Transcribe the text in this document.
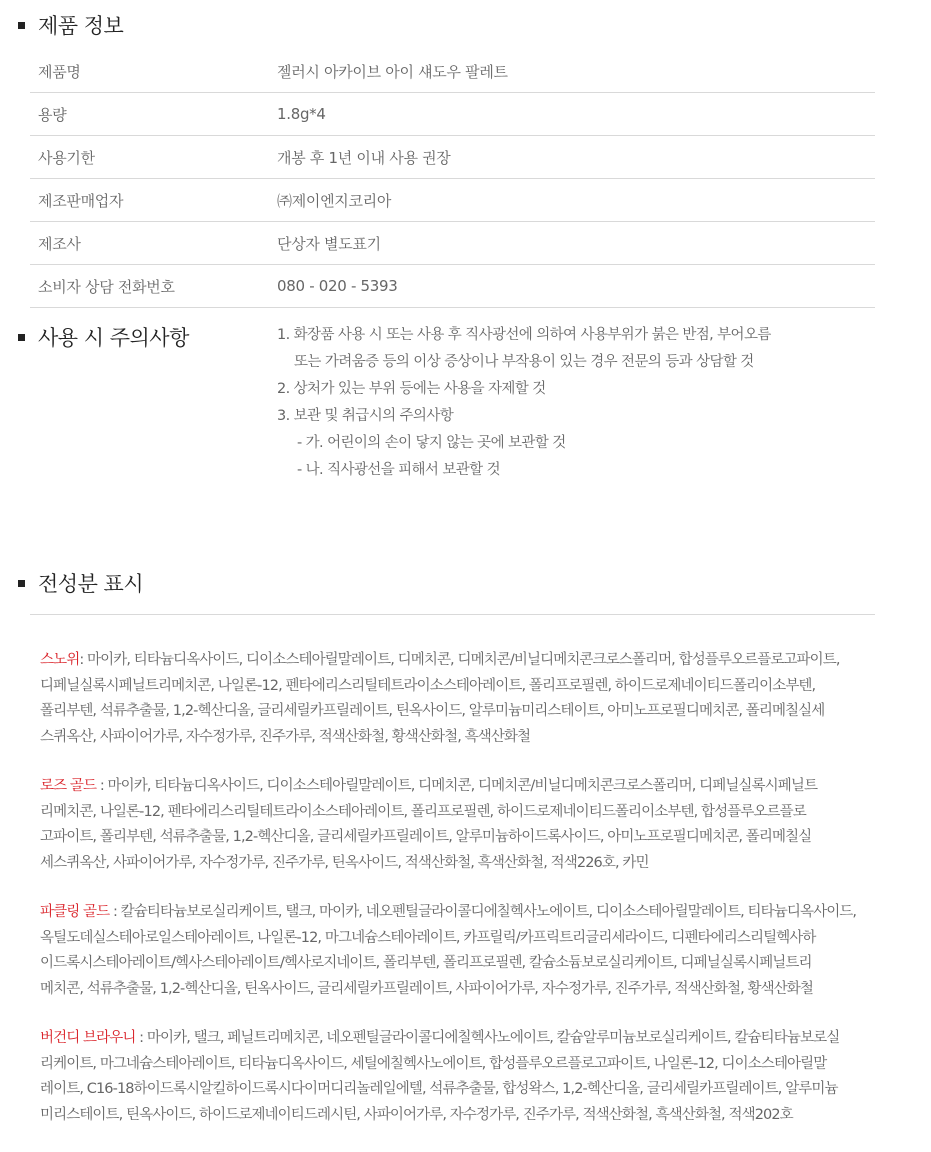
제품 정보
제품명	젤러시 아카이브 아이 섀도우 팔레트
용량	1.8g*4
사용기한	개봉 후 1년 이내 사용 권장
제조판매업자	㈜제이엔지코리아
제조사	단상자 별도표기
소비자 상담 전화번호	080 - 020 - 5393
사용 시 주의사항	1. 화장품 사용 시 또는 사용 후 직사광선에 의하여 사용부위가 붉은 반점, 부어오름
또는 가려움증 등의 이상 증상이나 부작용이 있는 경우 전문의 등과 상담할 것
2. 상처가 있는 부위 등에는 사용을 자제할 것
3. 보관 및 취급시의 주의사항
- 가. 어린이의 손이 닿지 않는 곳에 보관할 것
- 나. 직사광선을 피해서 보관할 것
전성분 표시
스노위: 마이카, 티타늄디옥사이드, 디이소스테아릴말레이트, 디메치콘, 디메치콘/비닐디메치콘크로스폴리머, 합성플루오르플로고파이트,
디페닐실록시페닐트리메치콘, 나일론-12, 펜타에리스리틸테트라이소스테아레이트, 폴리프로필렌, 하이드로제네이티드폴리이소부텐,
폴리부텐, 석류추출물, 1,2-헥산디올, 글리세릴카프릴레이트, 틴옥사이드, 알루미늄미리스테이트, 아미노프로필디메치콘, 폴리메칠실세
스퀴옥산, 사파이어가루, 자수정가루, 진주가루, 적색산화철, 황색산화철, 흑색산화철
로즈 골드 : 마이카, 티타늄디옥사이드, 디이소스테아릴말레이트, 디메치콘, 디메치콘/비닐디메치콘크로스폴리머, 디페닐실록시페닐트
리메치콘, 나일론-12, 펜타에리스리틸테트라이소스테아레이트, 폴리프로필렌, 하이드로제네이티드폴리이소부텐, 합성플루오르플로
고파이트, 폴리부텐, 석류추출물, 1,2-헥산디올, 글리세릴카프릴레이트, 알루미늄하이드록사이드, 아미노프로필디메치콘, 폴리메칠실
세스퀴옥산, 사파이어가루, 자수정가루, 진주가루, 틴옥사이드, 적색산화철, 흑색산화철, 적색226호, 카민
파클링 골드 : 칼슘티타늄보로실리케이트, 탤크, 마이카, 네오펜틸글라이콜디에칠헥사노에이트, 디이소스테아릴말레이트, 티타늄디옥사이드,
옥틸도데실스테아로일스테아레이트, 나일론-12, 마그네슘스테아레이트, 카프릴릭/카프릭트리글리세라이드, 디펜타에리스리틸헥사하
이드록시스테아레이트/헥사스테아레이트/헥사로지네이트, 폴리부텐, 폴리프로필렌, 칼슘소듐보로실리케이트, 디페닐실록시페닐트리
메치콘, 석류추출물, 1,2-헥산디올, 틴옥사이드, 글리세릴카프릴레이트, 사파이어가루, 자수정가루, 진주가루, 적색산화철, 황색산화철
버건디 브라우니 : 마이카, 탤크, 페닐트리메치콘, 네오펜틸글라이콜디에칠헥사노에이트, 칼슘알루미늄보로실리케이트, 칼슘티타늄보로실
리케이트, 마그네슘스테아레이트, 티타늄디옥사이드, 세틸에칠헥사노에이트, 합성플루오르플로고파이트, 나일론-12, 디이소스테아릴말
레이트, C16-18하이드록시알킬하이드록시다이머디리놀레일에텔, 석류추출물, 합성왁스, 1,2-헥산디올, 글리세릴카프릴레이트, 알루미늄
미리스테이트, 틴옥사이드, 하이드로제네이티드레시틴, 사파이어가루, 자수정가루, 진주가루, 적색산화철, 흑색산화철, 적색202호
